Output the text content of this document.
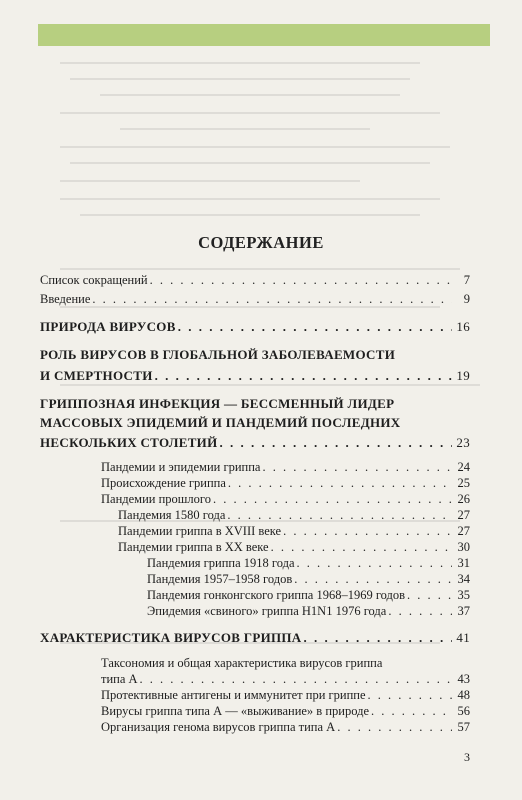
СОДЕРЖАНИЕ
Список сокращений . . .	7
Введение . . .	9
ПРИРОДА ВИРУСОВ . . .	16
РОЛЬ ВИРУСОВ В ГЛОБАЛЬНОЙ ЗАБОЛЕВАЕМОСТИ
И СМЕРТНОСТИ . . .	19
ГРИППОЗНАЯ ИНФЕКЦИЯ — БЕССМЕННЫЙ ЛИДЕР
МАССОВЫХ ЭПИДЕМИЙ И ПАНДЕМИЙ ПОСЛЕДНИХ
НЕСКОЛЬКИХ СТОЛЕТИЙ . . .	23
Пандемии и эпидемии гриппа . . .	24
Происхождение гриппа . . .	25
Пандемии прошлого . . .	26
Пандемия 1580 года . . .	27
Пандемии гриппа в XVIII веке . . .	27
Пандемии гриппа в XX веке . . .	30
Пандемия гриппа 1918 года . . .	31
Пандемия 1957–1958 годов . . .	34
Пандемия гонконгского гриппа 1968–1969 годов . . .	35
Эпидемия «свиного» гриппа H1N1 1976 года . . .	37
ХАРАКТЕРИСТИКА ВИРУСОВ ГРИППА . . .	41
Таксономия и общая характеристика вирусов гриппа
типа А . . .	43
Протективные антигены и иммунитет при гриппе . . .	48
Вирусы гриппа типа А — «выживание» в природе . . .	56
Организация генома вирусов гриппа типа А . . .	57
3
